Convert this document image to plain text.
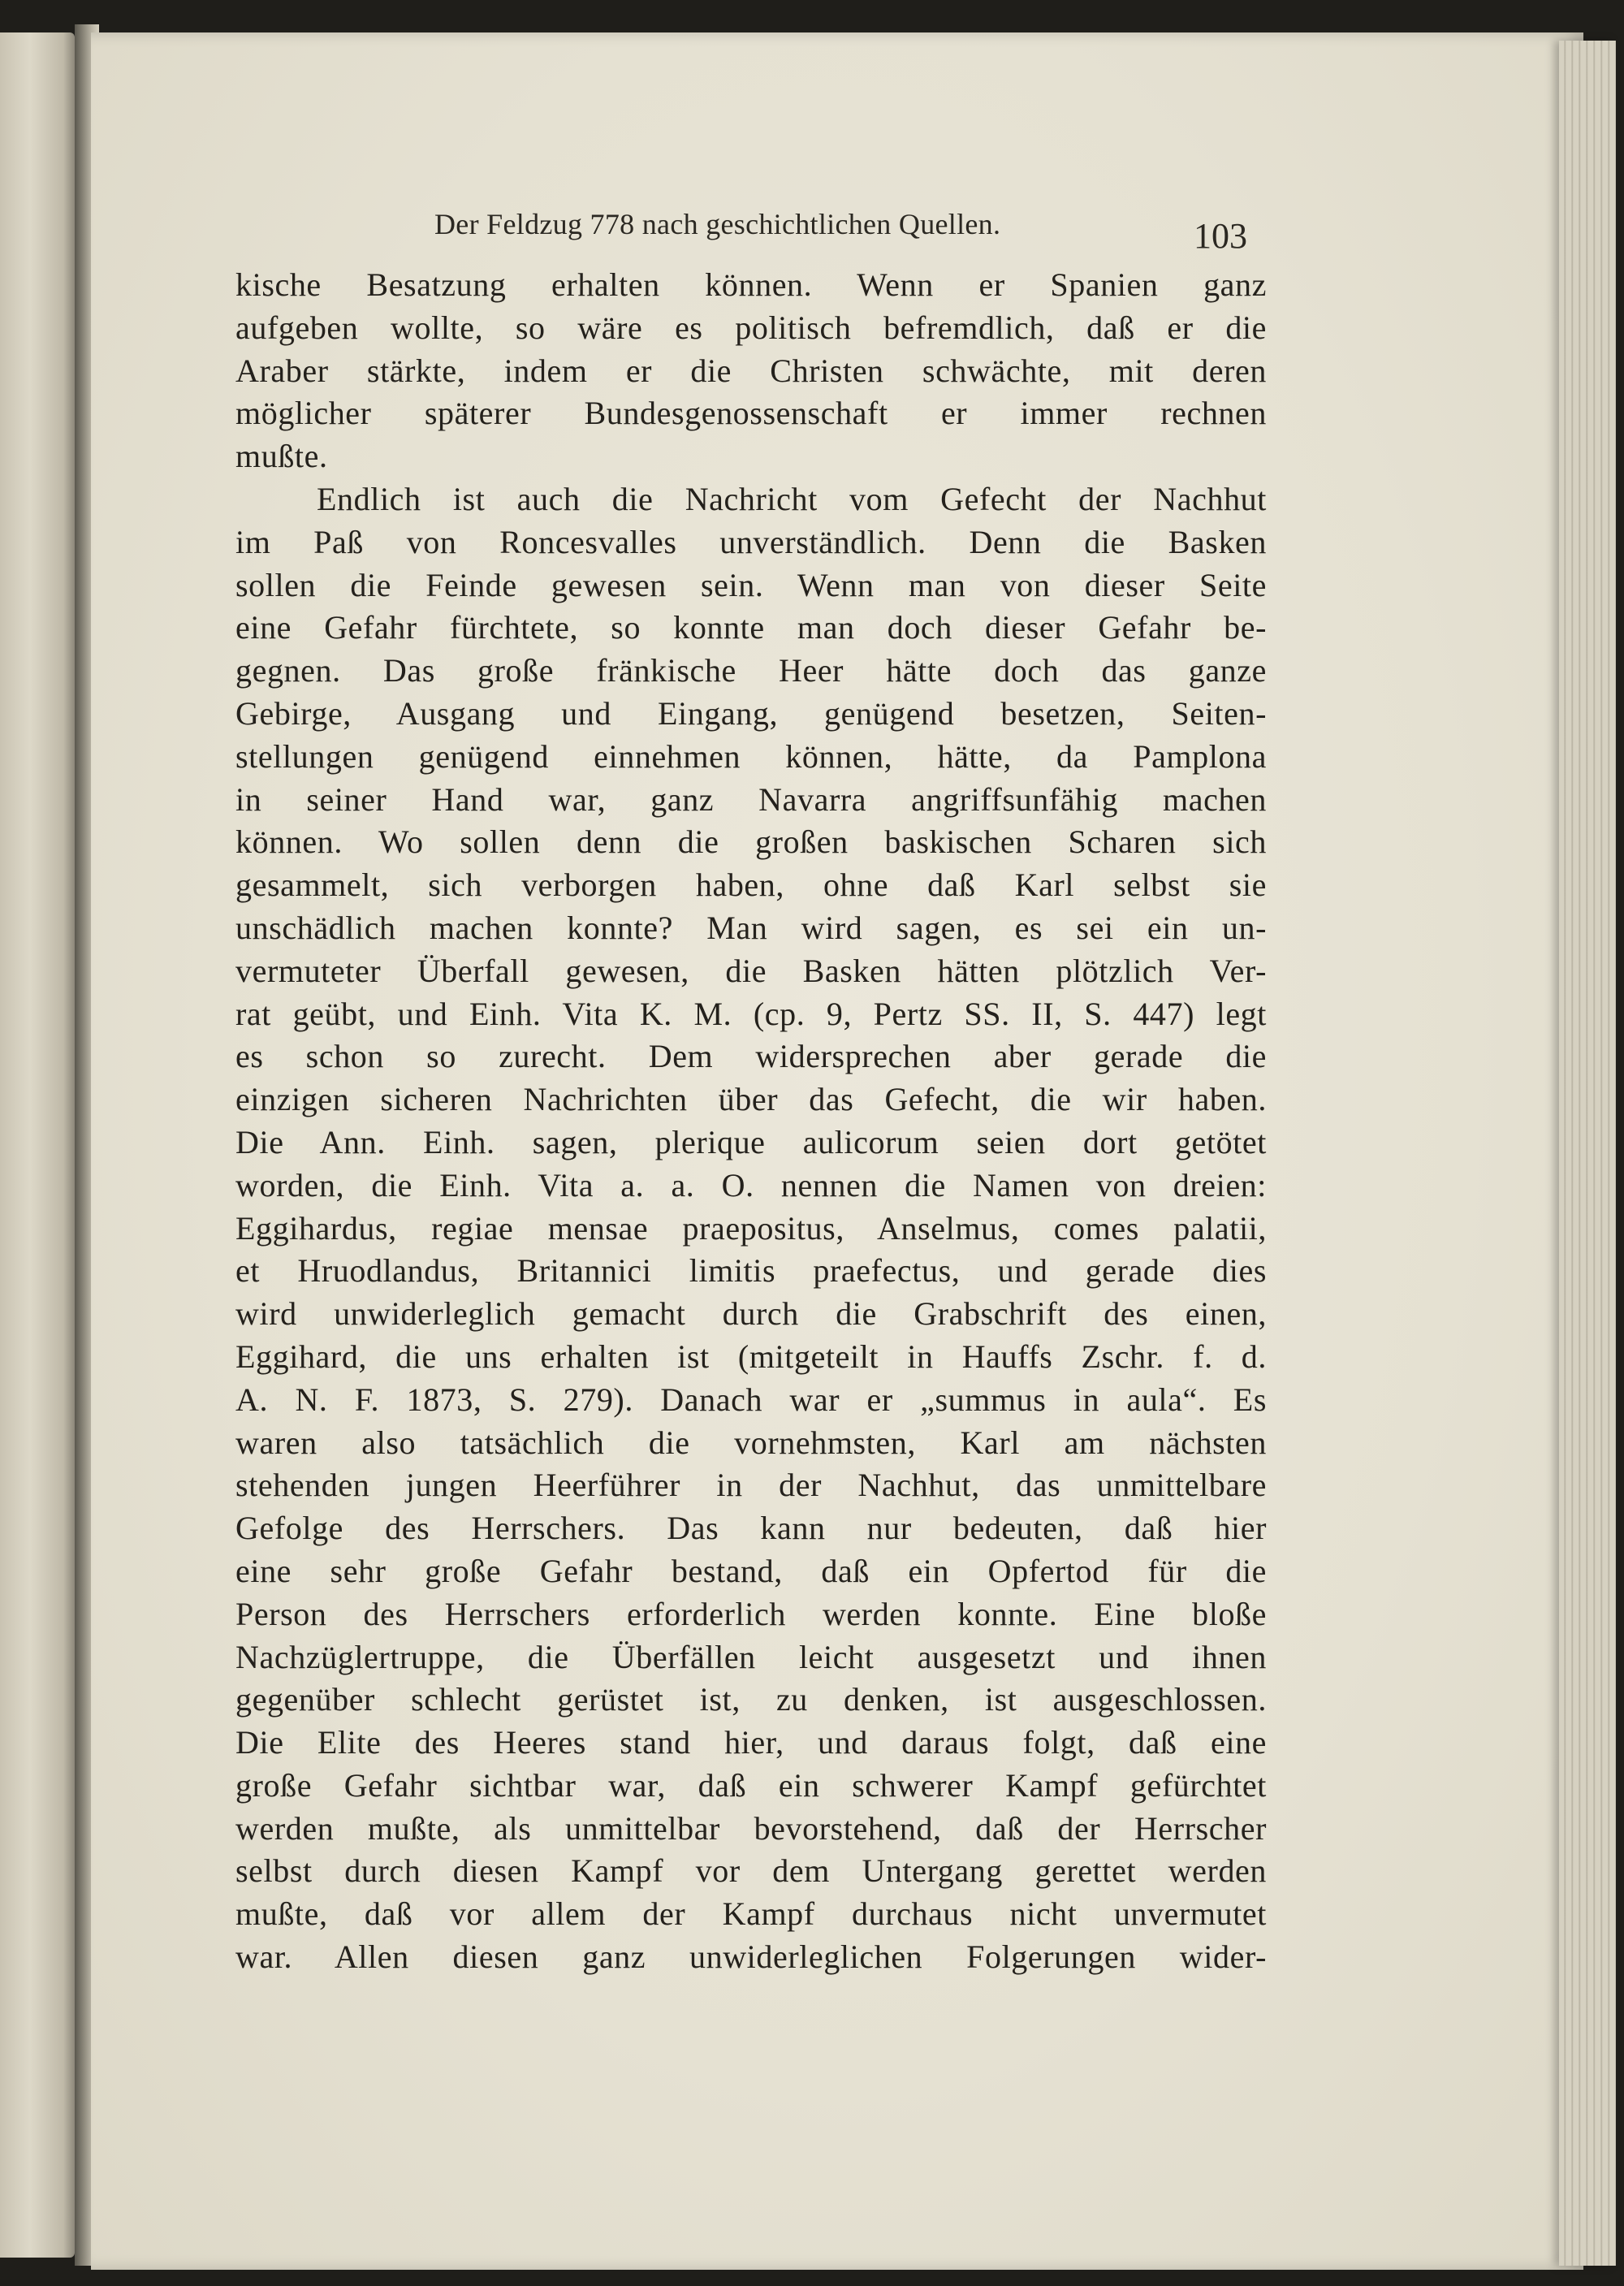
Der Feldzug 778 nach geschichtlichen Quellen.	103
kische Besatzung erhalten können. Wenn er Spanien ganz
aufgeben wollte, so wäre es politisch befremdlich, daß er die
Araber stärkte, indem er die Christen schwächte, mit deren
möglicher späterer Bundesgenossenschaft er immer rechnen
mußte.
Endlich ist auch die Nachricht vom Gefecht der Nachhut
im Paß von Roncesvalles unverständlich. Denn die Basken
sollen die Feinde gewesen sein. Wenn man von dieser Seite
eine Gefahr fürchtete, so konnte man doch dieser Gefahr be-
gegnen. Das große fränkische Heer hätte doch das ganze
Gebirge, Ausgang und Eingang, genügend besetzen, Seiten-
stellungen genügend einnehmen können, hätte, da Pamplona
in seiner Hand war, ganz Navarra angriffsunfähig machen
können. Wo sollen denn die großen baskischen Scharen sich
gesammelt, sich verborgen haben, ohne daß Karl selbst sie
unschädlich machen konnte? Man wird sagen, es sei ein un-
vermuteter Überfall gewesen, die Basken hätten plötzlich Ver-
rat geübt, und Einh. Vita K. M. (cp. 9, Pertz SS. II, S. 447) legt
es schon so zurecht. Dem widersprechen aber gerade die
einzigen sicheren Nachrichten über das Gefecht, die wir haben.
Die Ann. Einh. sagen, plerique aulicorum seien dort getötet
worden, die Einh. Vita a. a. O. nennen die Namen von dreien:
Eggihardus, regiae mensae praepositus, Anselmus, comes palatii,
et Hruodlandus, Britannici limitis praefectus, und gerade dies
wird unwiderleglich gemacht durch die Grabschrift des einen,
Eggihard, die uns erhalten ist (mitgeteilt in Hauffs Zschr. f. d.
A. N. F. 1873, S. 279). Danach war er „summus in aula“. Es
waren also tatsächlich die vornehmsten, Karl am nächsten
stehenden jungen Heerführer in der Nachhut, das unmittelbare
Gefolge des Herrschers. Das kann nur bedeuten, daß hier
eine sehr große Gefahr bestand, daß ein Opfertod für die
Person des Herrschers erforderlich werden konnte. Eine bloße
Nachzüglertruppe, die Überfällen leicht ausgesetzt und ihnen
gegenüber schlecht gerüstet ist, zu denken, ist ausgeschlossen.
Die Elite des Heeres stand hier, und daraus folgt, daß eine
große Gefahr sichtbar war, daß ein schwerer Kampf gefürchtet
werden mußte, als unmittelbar bevorstehend, daß der Herrscher
selbst durch diesen Kampf vor dem Untergang gerettet werden
mußte, daß vor allem der Kampf durchaus nicht unvermutet
war. Allen diesen ganz unwiderleglichen Folgerungen wider-
